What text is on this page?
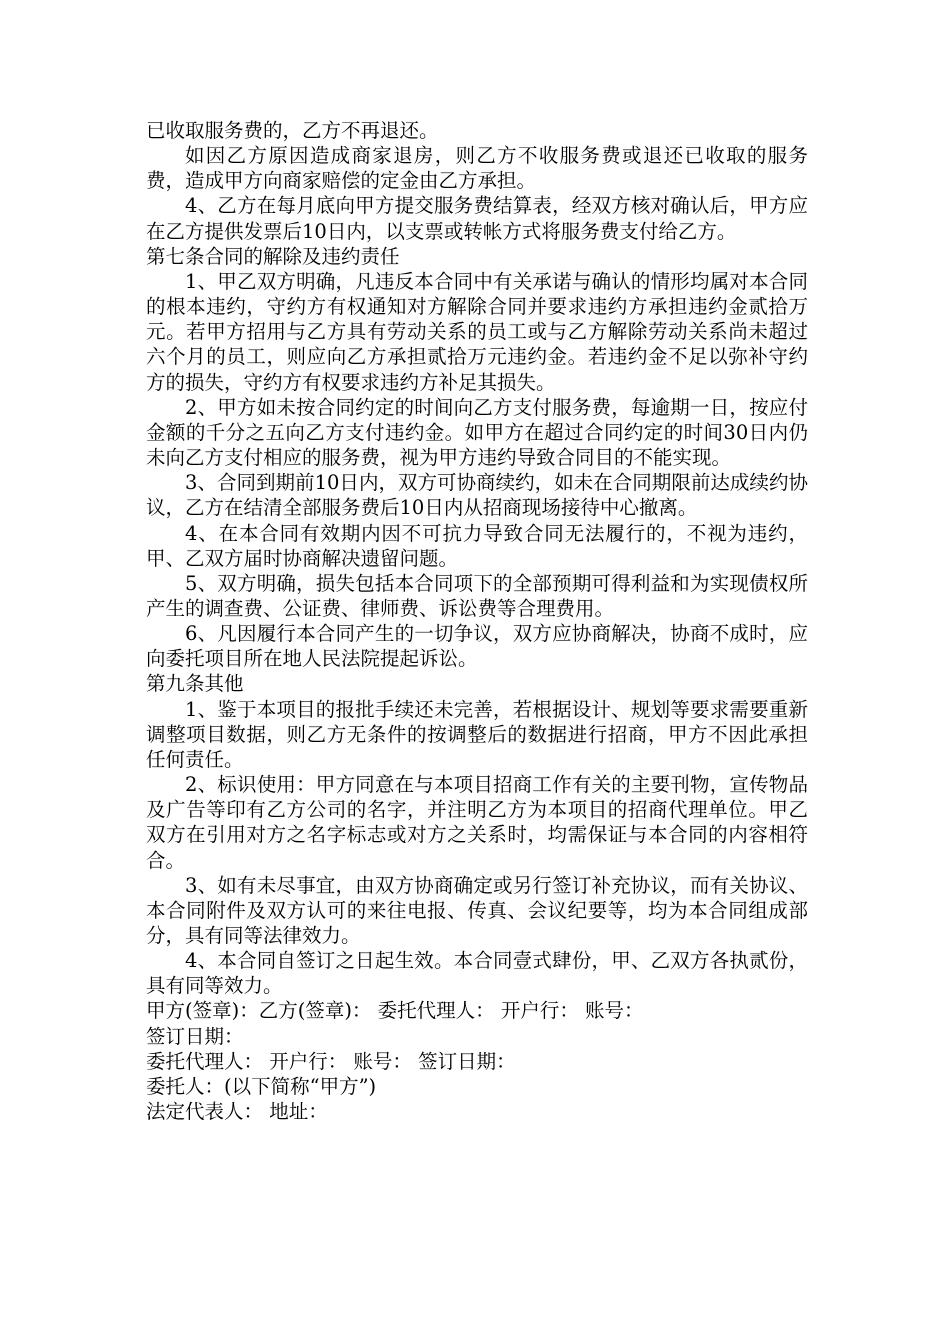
已收取服务费的，乙方不再退还。

如因乙方原因造成商家退房，则乙方不收服务费或退还已收取的服务费，造成甲方向商家赔偿的定金由乙方承担。

4、乙方在每月底向甲方提交服务费结算表，经双方核对确认后，甲方应在乙方提供发票后10日内，以支票或转帐方式将服务费支付给乙方。

第七条合同的解除及违约责任

1、甲乙双方明确，凡违反本合同中有关承诺与确认的情形均属对本合同的根本违约，守约方有权通知对方解除合同并要求违约方承担违约金贰拾万元。若甲方招用与乙方具有劳动关系的员工或与乙方解除劳动关系尚未超过六个月的员工，则应向乙方承担贰拾万元违约金。若违约金不足以弥补守约方的损失，守约方有权要求违约方补足其损失。

2、甲方如未按合同约定的时间向乙方支付服务费，每逾期一日，按应付金额的千分之五向乙方支付违约金。如甲方在超过合同约定的时间30日内仍未向乙方支付相应的服务费，视为甲方违约导致合同目的不能实现。

3、合同到期前10日内，双方可协商续约，如未在合同期限前达成续约协议，乙方在结清全部服务费后10日内从招商现场接待中心撤离。

4、在本合同有效期内因不可抗力导致合同无法履行的，不视为违约，甲、乙双方届时协商解决遗留问题。

5、双方明确，损失包括本合同项下的全部预期可得利益和为实现债权所产生的调查费、公证费、律师费、诉讼费等合理费用。

6、凡因履行本合同产生的一切争议，双方应协商解决，协商不成时，应向委托项目所在地人民法院提起诉讼。

第九条其他

1、鉴于本项目的报批手续还未完善，若根据设计、规划等要求需要重新调整项目数据，则乙方无条件的按调整后的数据进行招商，甲方不因此承担任何责任。

2、标识使用：甲方同意在与本项目招商工作有关的主要刊物，宣传物品及广告等印有乙方公司的名字，并注明乙方为本项目的招商代理单位。甲乙双方在引用对方之名字标志或对方之关系时，均需保证与本合同的内容相符合。

3、如有未尽事宜，由双方协商确定或另行签订补充协议，而有关协议、本合同附件及双方认可的来往电报、传真、会议纪要等，均为本合同组成部分，具有同等法律效力。

4、本合同自签订之日起生效。本合同壹式肆份，甲、乙双方各执贰份，具有同等效力。

甲方(签章)：乙方(签章)： 委托代理人： 开户行： 账号：

签订日期：

委托代理人： 开户行： 账号： 签订日期：

委托人：(以下简称“甲方”)

法定代表人： 地址：
